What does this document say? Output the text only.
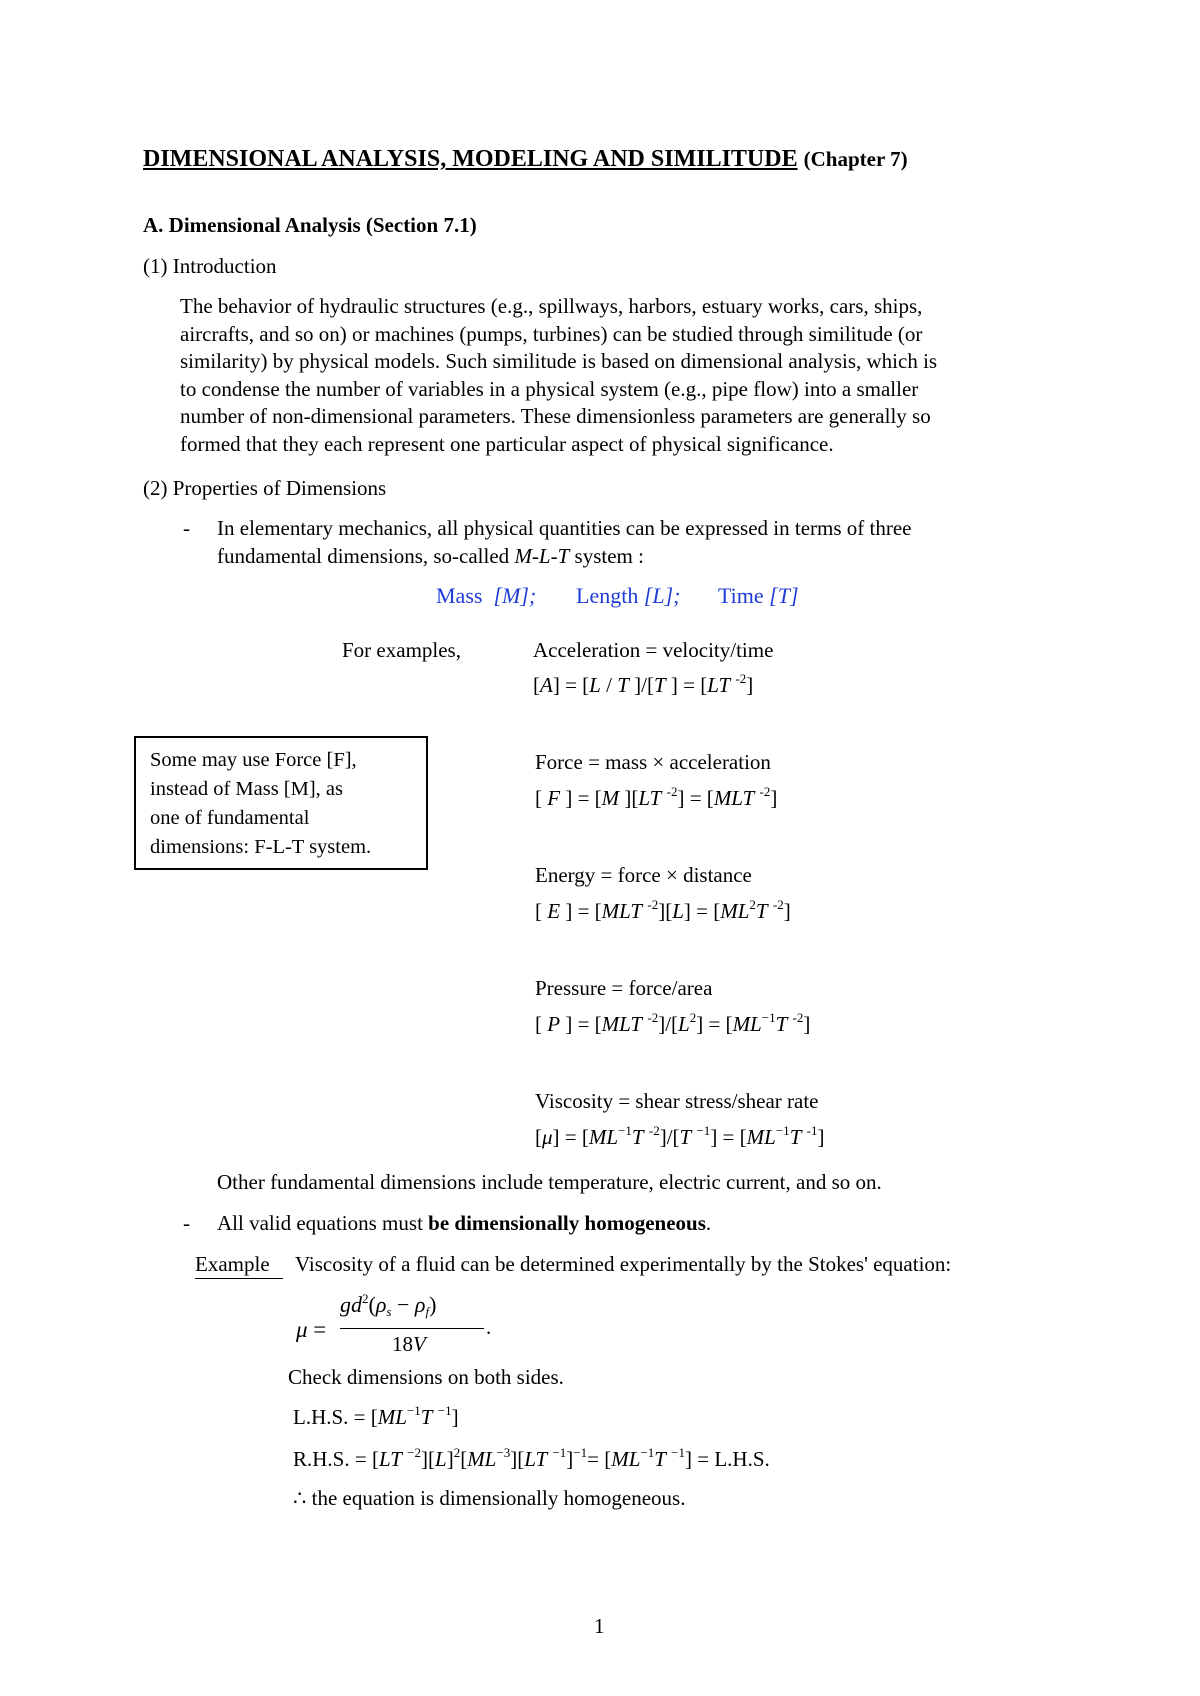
DIMENSIONAL ANALYSIS, MODELING AND SIMILITUDE (Chapter 7)
A. Dimensional Analysis (Section 7.1)
(1) Introduction
The behavior of hydraulic structures (e.g., spillways, harbors, estuary works, cars, ships,
aircrafts, and so on) or machines (pumps, turbines) can be studied through similitude (or
similarity) by physical models. Such similitude is based on dimensional analysis, which is
to condense the number of variables in a physical system (e.g., pipe flow) into a smaller
number of non-dimensional parameters. These dimensionless parameters are generally so
formed that they each represent one particular aspect of physical significance.
(2) Properties of Dimensions
- In elementary mechanics, all physical quantities can be expressed in terms of three
fundamental dimensions, so-called M-L-T system :
Mass [M]; Length [L]; Time [T]
For examples,	Acceleration = velocity/time
[A] = [L / T ]/[T ] = [LT $^{-2}$]
Some may use Force [F],
instead of Mass [M], as
one of fundamental
dimensions: F-L-T system.
Force = mass × acceleration
[ F ] = [M ][LT $^{-2}$] = [MLT $^{-2}$]
Energy = force × distance
[ E ] = [MLT $^{-2}][L] = [ML^2T$ $^{-2}$]
Pressure = force/area
[ P ] = [MLT $^{-2}]/[L^2] = [ML^{-1}T$ $^{-2}$]
Viscosity = shear stress/shear rate
$[\mu] = [ML^{-1}T$ $^{-2}$]/[T $^{-1}] = [ML^{-1}T$ $^{-1}$]
Other fundamental dimensions include temperature, electric current, and so on.
- All valid equations must be dimensionally homogeneous.
Example Viscosity of a fluid can be determined experimentally by the Stokes' equation:
μ =
$gd^2(\rho_s - \rho_f)$
18V
.
Check dimensions on both sides.
L.H.S. = [$ML^{-1}T$ $^{-1}$]
R.H.S. = [LT $^{-2}][L]^2[ML^{-3}][LT$ $^{-1}]^{-1}= [ML^{-1}T$ $^{-1}$] = L.H.S.
∴ the equation is dimensionally homogeneous.
1
